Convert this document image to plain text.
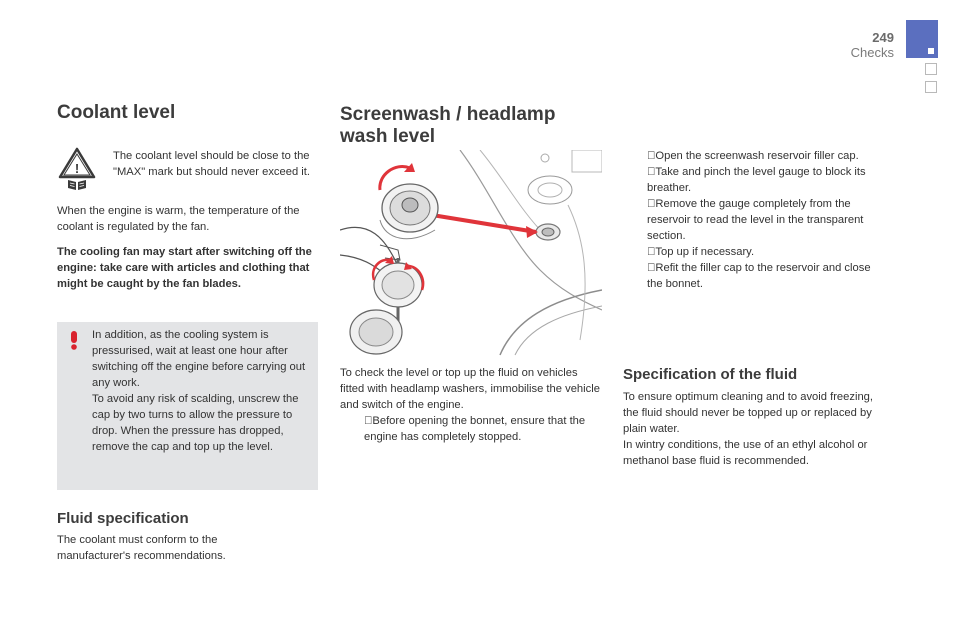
249
Checks
Coolant level
!
The coolant level should be close to the "MAX" mark but should never exceed it.
When the engine is warm, the temperature of the coolant is regulated by the fan.
The cooling fan may start after switching off the engine: take care with articles and clothing that might be caught by the fan blades.
In addition, as the cooling system is pressurised, wait at least one hour after switching off the engine before carrying out any work.
To avoid any risk of scalding, unscrew the cap by two turns to allow the pressure to drop. When the pressure has dropped, remove the cap and top up the level.
Fluid specification
The coolant must conform to the manufacturer's recommendations.
Screenwash / headlamp
wash level
To check the level or top up the fluid on vehicles fitted with headlamp washers, immobilise the vehicle and switch of the engine.
Before opening the bonnet, ensure that the engine has completely stopped.
Open the screenwash reservoir filler cap.
Take and pinch the level gauge to block its breather.
Remove the gauge completely from the reservoir to read the level in the transparent section.
Top up if necessary.
Refit the filler cap to the reservoir and close the bonnet.
Specification of the fluid
To ensure optimum cleaning and to avoid freezing, the fluid should never be topped up or replaced by plain water.
In wintry conditions, the use of an ethyl alcohol or methanol base fluid is recommended.
